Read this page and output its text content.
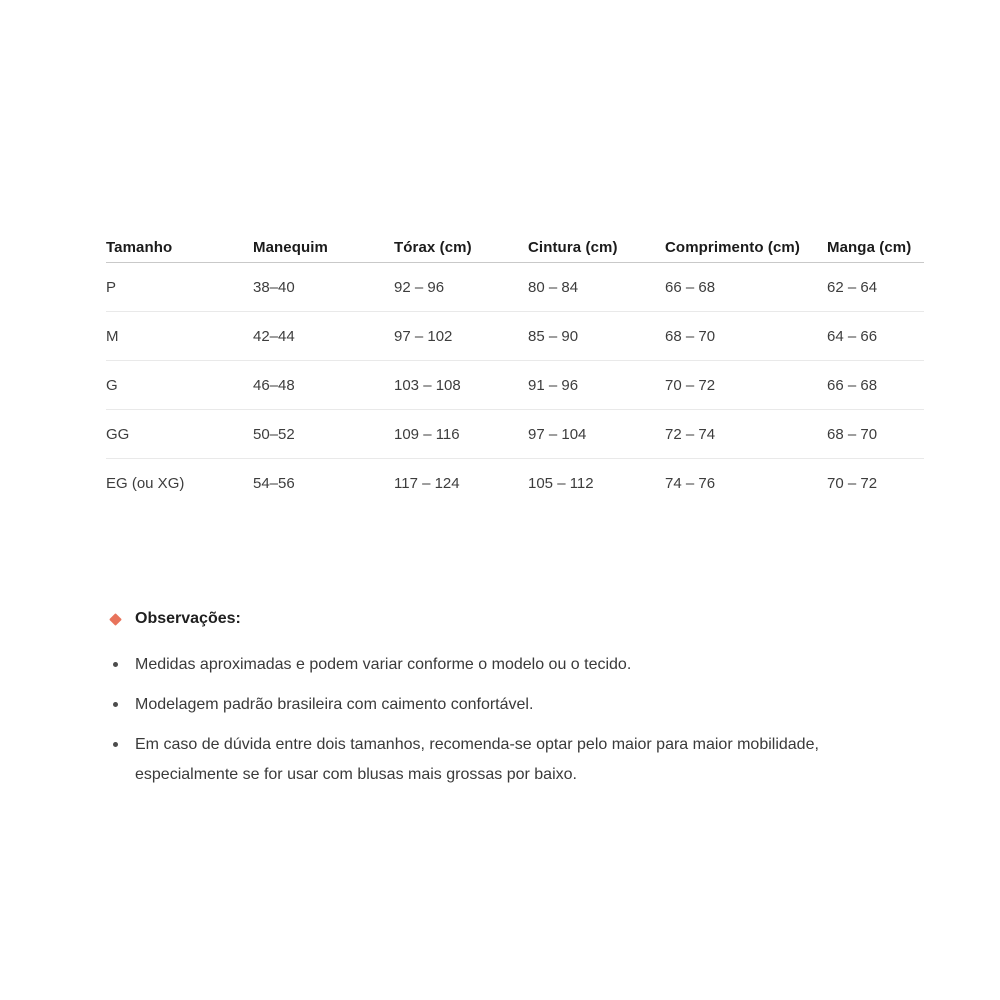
Tamanho	Manequim	Tórax (cm)	Cintura (cm)	Comprimento (cm)	Manga (cm)
P	38–40	92 – 96	80 – 84	66 – 68	62 – 64
M	42–44	97 – 102	85 – 90	68 – 70	64 – 66
G	46–48	103 – 108	91 – 96	70 – 72	66 – 68
GG	50–52	109 – 116	97 – 104	72 – 74	68 – 70
EG (ou XG)	54–56	117 – 124	105 – 112	74 – 76	70 – 72
Observações:
Medidas aproximadas e podem variar conforme o modelo ou o tecido.
Modelagem padrão brasileira com caimento confortável.
Em caso de dúvida entre dois tamanhos, recomenda-se optar pelo maior para maior mobilidade, especialmente se for usar com blusas mais grossas por baixo.
